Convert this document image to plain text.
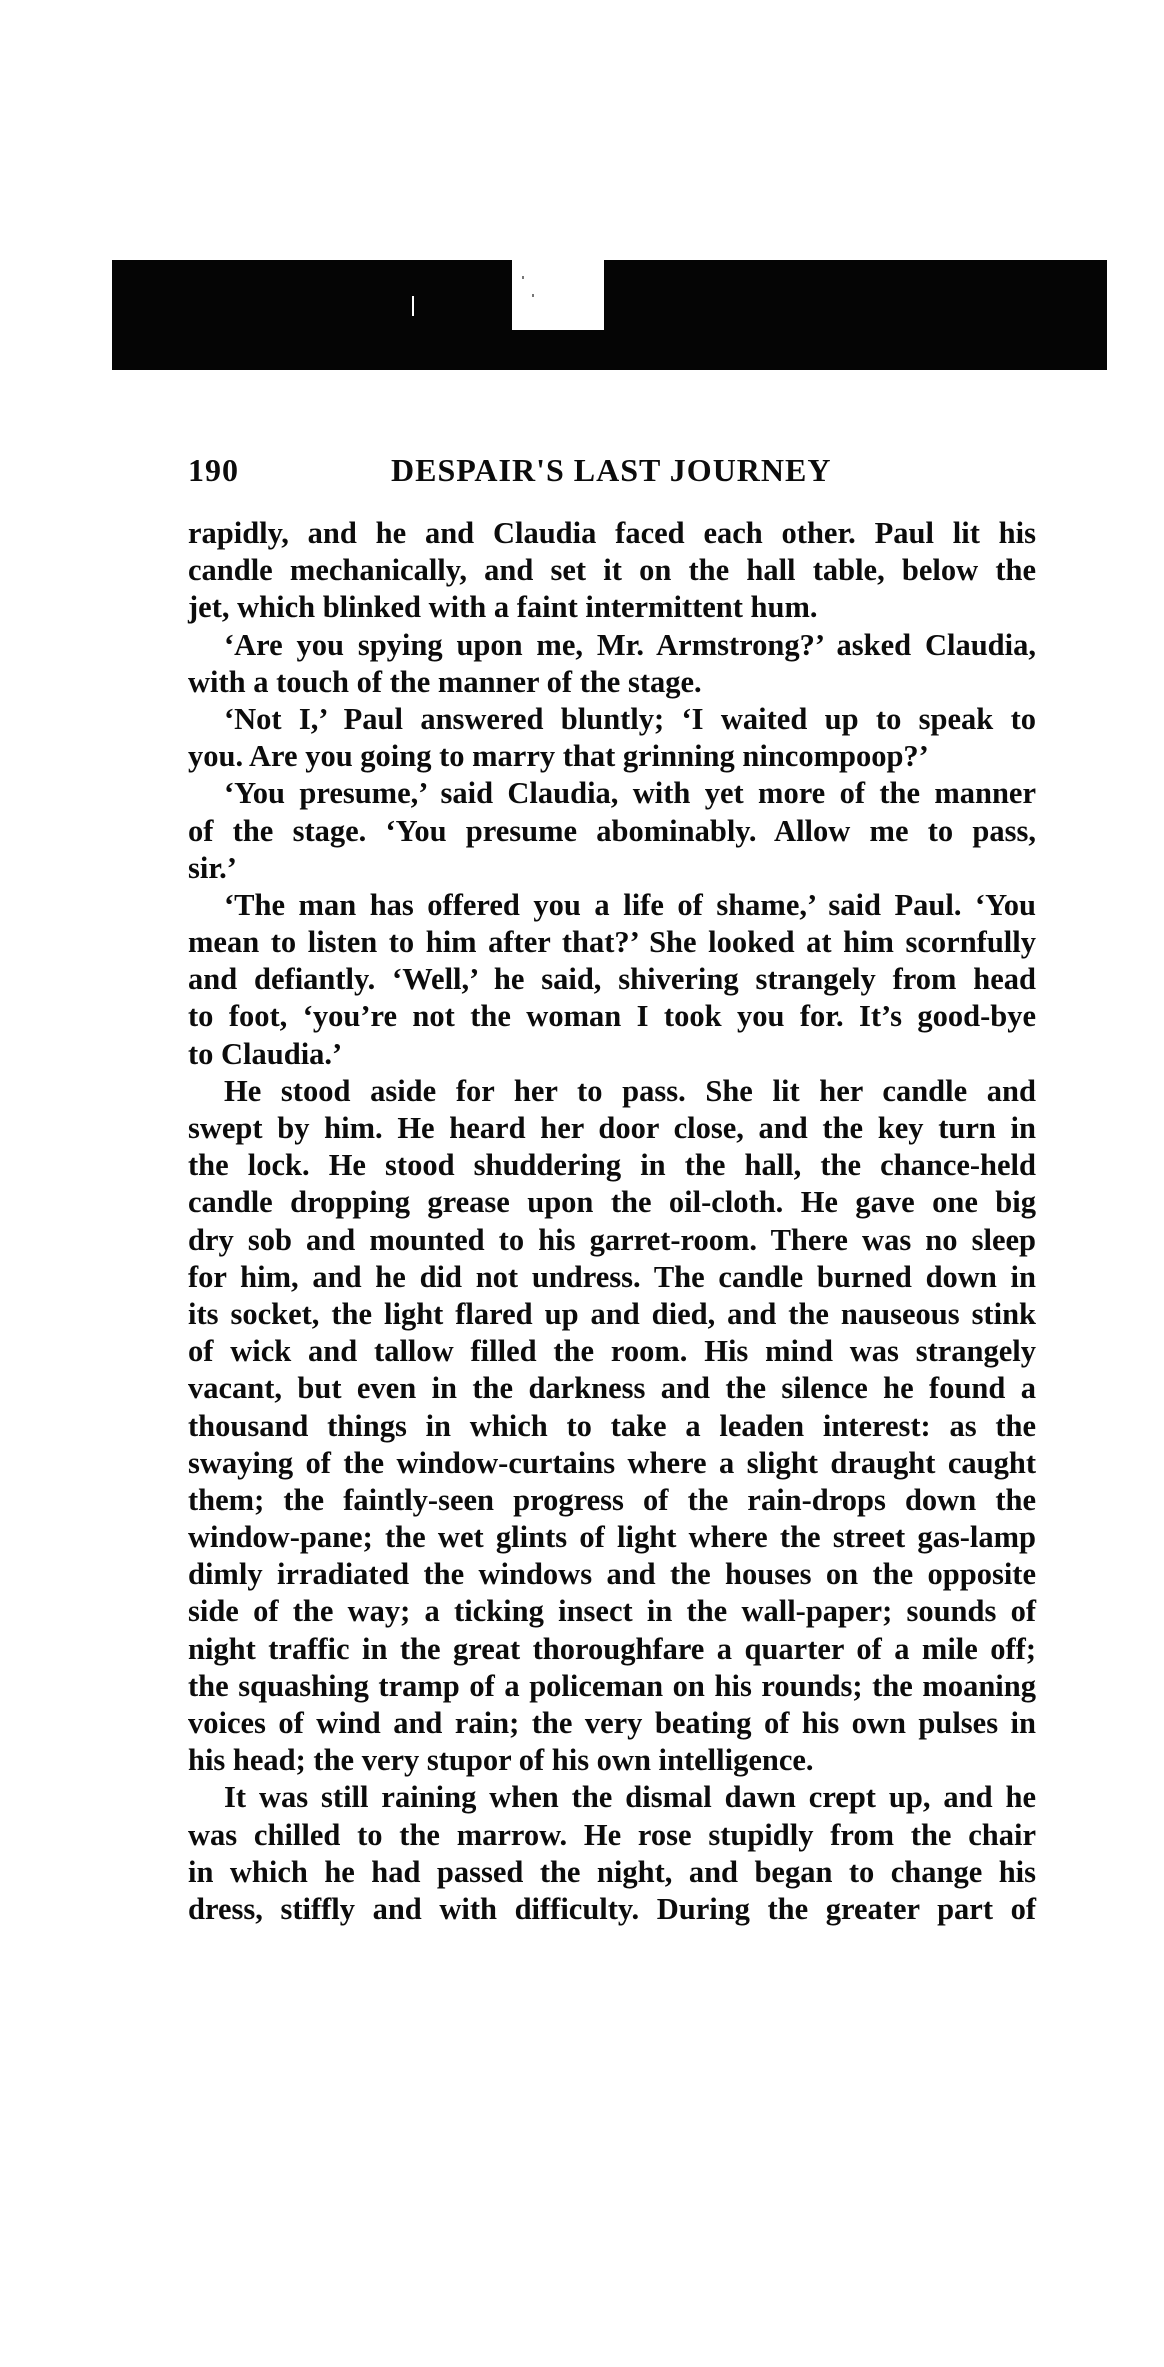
190	DESPAIR'S LAST JOURNEY
rapidly, and he and Claudia faced each other. Paul lit his
candle mechanically, and set it on the hall table, below the
jet, which blinked with a faint intermittent hum.
‘Are you spying upon me, Mr. Armstrong?’ asked Claudia,
with a touch of the manner of the stage.
‘Not I,’ Paul answered bluntly; ‘I waited up to speak to
you. Are you going to marry that grinning nincompoop?’
‘You presume,’ said Claudia, with yet more of the manner
of the stage. ‘You presume abominably. Allow me to pass,
sir.’
‘The man has offered you a life of shame,’ said Paul. ‘You
mean to listen to him after that?’ She looked at him scornfully
and defiantly. ‘Well,’ he said, shivering strangely from head
to foot, ‘you’re not the woman I took you for. It’s good-bye
to Claudia.’
He stood aside for her to pass. She lit her candle and
swept by him. He heard her door close, and the key turn in
the lock. He stood shuddering in the hall, the chance-held
candle dropping grease upon the oil-cloth. He gave one big
dry sob and mounted to his garret-room. There was no sleep
for him, and he did not undress. The candle burned down in
its socket, the light flared up and died, and the nauseous stink
of wick and tallow filled the room. His mind was strangely
vacant, but even in the darkness and the silence he found a
thousand things in which to take a leaden interest: as the
swaying of the window-curtains where a slight draught caught
them; the faintly-seen progress of the rain-drops down the
window-pane; the wet glints of light where the street gas-lamp
dimly irradiated the windows and the houses on the opposite
side of the way; a ticking insect in the wall-paper; sounds of
night traffic in the great thoroughfare a quarter of a mile off;
the squashing tramp of a policeman on his rounds; the moaning
voices of wind and rain; the very beating of his own pulses in
his head; the very stupor of his own intelligence.
It was still raining when the dismal dawn crept up, and he
was chilled to the marrow. He rose stupidly from the chair
in which he had passed the night, and began to change his
dress, stiffly and with difficulty. During the greater part of
